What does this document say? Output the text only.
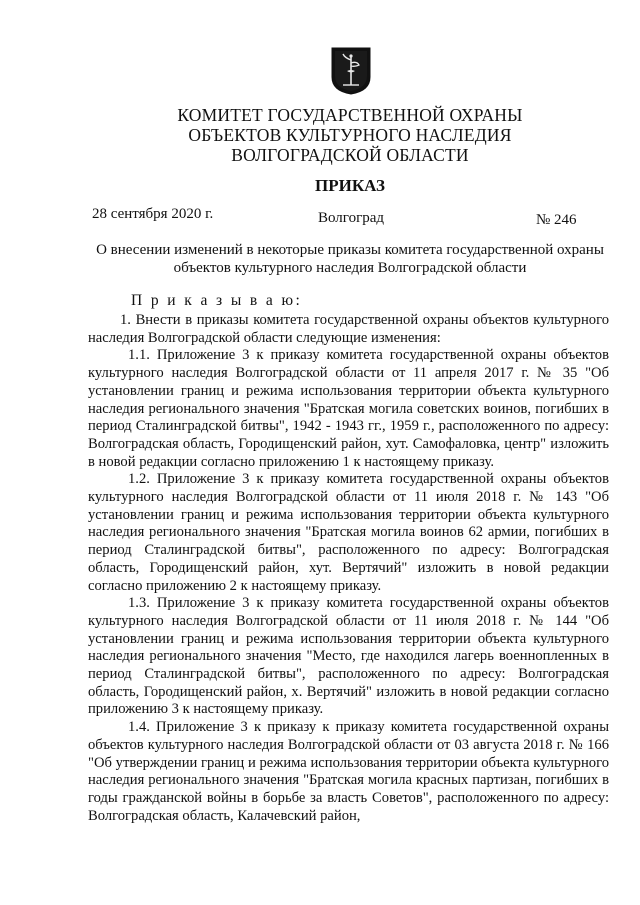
КОМИТЕТ ГОСУДАРСТВЕННОЙ ОХРАНЫ
ОБЪЕКТОВ КУЛЬТУРНОГО НАСЛЕДИЯ
ВОЛГОГРАДСКОЙ ОБЛАСТИ
ПРИКАЗ
28 сентября 2020 г.	Волгоград	№ 246
О внесении изменений в некоторые приказы комитета государственной охраны объектов культурного наследия Волгоградской области
П р и к а з ы в а ю:

1. Внести в приказы комитета государственной охраны объектов культурного наследия Волгоградской области следующие изменения:

1.1. Приложение 3 к приказу комитета государственной охраны объектов культурного наследия Волгоградской области от 11 апреля 2017 г. № 35 "Об установлении границ и режима использования территории объекта культурного наследия регионального значения "Братская могила советских воинов, погибших в период Сталинградской битвы", 1942 - 1943 гг., 1959 г., расположенного по адресу: Волгоградская область, Городищенский район, хут. Самофаловка, центр" изложить в новой редакции согласно приложению 1 к настоящему приказу.

1.2. Приложение 3 к приказу комитета государственной охраны объектов культурного наследия Волгоградской области от 11 июля 2018 г. № 143 "Об установлении границ и режима использования территории объекта культурного наследия регионального значения "Братская могила воинов 62 армии, погибших в период Сталинградской битвы", расположенного по адресу: Волгоградская область, Городищенский район, хут. Вертячий" изложить в новой редакции согласно приложению 2 к настоящему приказу.

1.3. Приложение 3 к приказу комитета государственной охраны объектов культурного наследия Волгоградской области от 11 июля 2018 г. № 144 "Об установлении границ и режима использования территории объекта культурного наследия регионального значения "Место, где находился лагерь военнопленных в период Сталинградской битвы", расположенного по адресу: Волгоградская область, Городищенский район, х. Вертячий" изложить в новой редакции согласно приложению 3 к настоящему приказу.

1.4. Приложение 3 к приказу к приказу комитета государственной охраны объектов культурного наследия Волгоградской области от 03 августа 2018 г. № 166 "Об утверждении границ и режима использования территории объекта культурного наследия регионального значения "Братская могила красных партизан, погибших в годы гражданской войны в борьбе за власть Советов", расположенного по адресу: Волгоградская область, Калачевский район,
